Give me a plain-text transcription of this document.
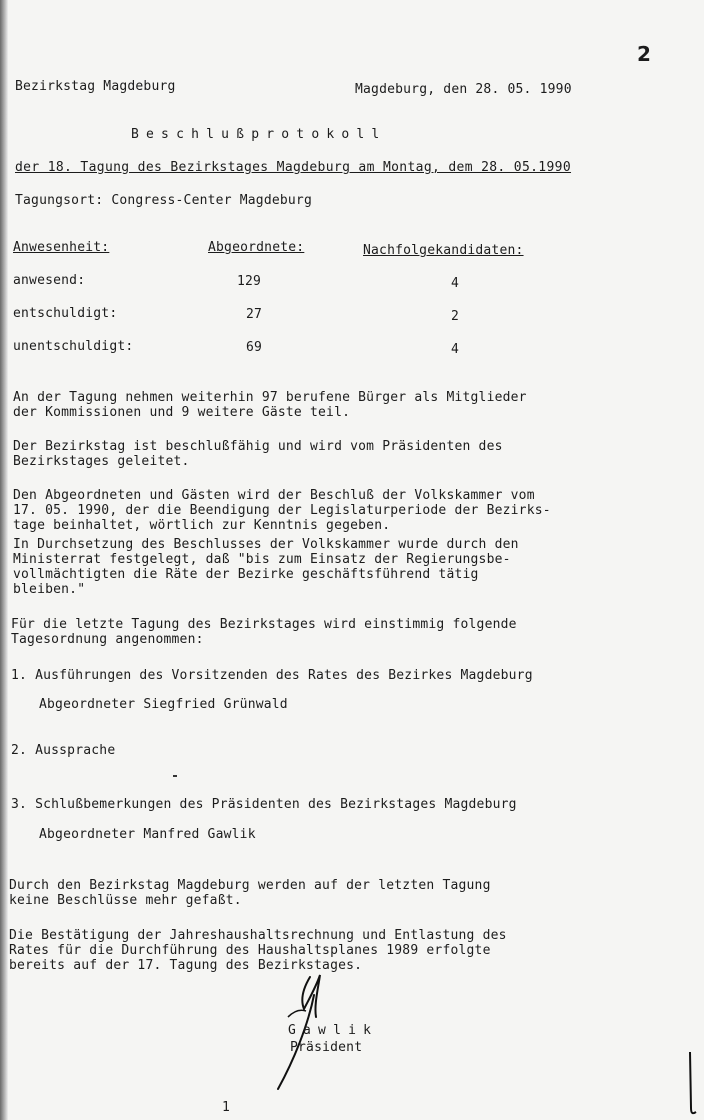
2
Bezirkstag Magdeburg	Magdeburg, den 28. 05. 1990
Beschlußprotokoll
der 18. Tagung des Bezirkstages Magdeburg am Montag, dem 28. 05.1990
Tagungsort: Congress-Center Magdeburg
Anwesenheit:	Abgeordnete:	Nachfolgekandidaten:
anwesend:	129	4
entschuldigt:	27	2
unentschuldigt:	69	4
An der Tagung nehmen weiterhin 97 berufene Bürger als Mitglieder
der Kommissionen und 9 weitere Gäste teil.
Der Bezirkstag ist beschlußfähig und wird vom Präsidenten des
Bezirkstages geleitet.
Den Abgeordneten und Gästen wird der Beschluß der Volkskammer vom
17. 05. 1990, der die Beendigung der Legislaturperiode der Bezirks-
tage beinhaltet, wörtlich zur Kenntnis gegeben.
In Durchsetzung des Beschlusses der Volkskammer wurde durch den
Ministerrat festgelegt, daß "bis zum Einsatz der Regierungsbe-
vollmächtigten die Räte der Bezirke geschäftsführend tätig
bleiben."
Für die letzte Tagung des Bezirkstages wird einstimmig folgende
Tagesordnung angenommen:
1. Ausführungen des Vorsitzenden des Rates des Bezirkes Magdeburg
Abgeordneter Siegfried Grünwald
2. Aussprache
3. Schlußbemerkungen des Präsidenten des Bezirkstages Magdeburg
Abgeordneter Manfred Gawlik
Durch den Bezirkstag Magdeburg werden auf der letzten Tagung
keine Beschlüsse mehr gefaßt.
Die Bestätigung der Jahreshaushaltsrechnung und Entlastung des
Rates für die Durchführung des Haushaltsplanes 1989 erfolgte
bereits auf der 17. Tagung des Bezirkstages.
Gawlik
Präsident
1
